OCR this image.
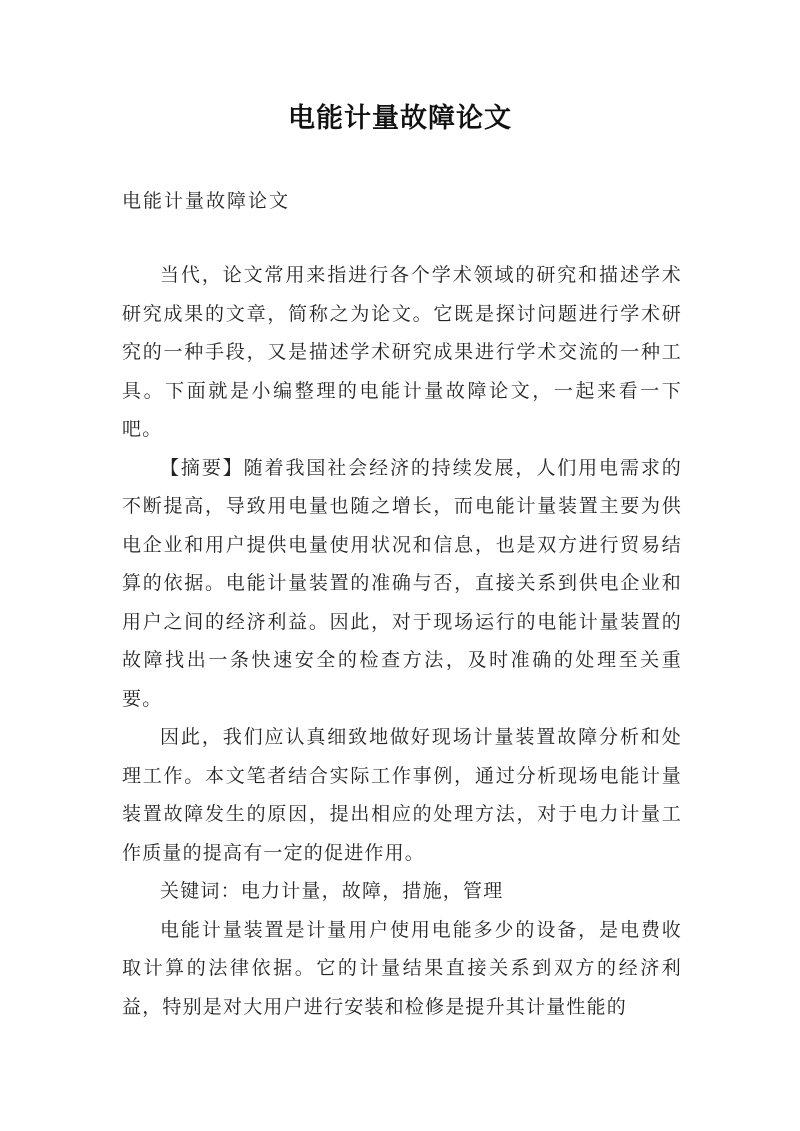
电能计量故障论文
电能计量故障论文

当代，论文常用来指进行各个学术领域的研究和描述学术研究成果的文章，简称之为论文。它既是探讨问题进行学术研究的一种手段，又是描述学术研究成果进行学术交流的一种工具。下面就是小编整理的电能计量故障论文，一起来看一下吧。

【摘要】随着我国社会经济的持续发展，人们用电需求的不断提高，导致用电量也随之增长，而电能计量装置主要为供电企业和用户提供电量使用状况和信息，也是双方进行贸易结算的依据。电能计量装置的准确与否，直接关系到供电企业和用户之间的经济利益。因此，对于现场运行的电能计量装置的故障找出一条快速安全的检查方法，及时准确的处理至关重要。

因此，我们应认真细致地做好现场计量装置故障分析和处理工作。本文笔者结合实际工作事例，通过分析现场电能计量装置故障发生的原因，提出相应的处理方法，对于电力计量工作质量的提高有一定的促进作用。

关键词：电力计量，故障，措施，管理

电能计量装置是计量用户使用电能多少的设备，是电费收取计算的法律依据。它的计量结果直接关系到双方的经济利益，特别是对大用户进行安装和检修是提升其计量性能的
